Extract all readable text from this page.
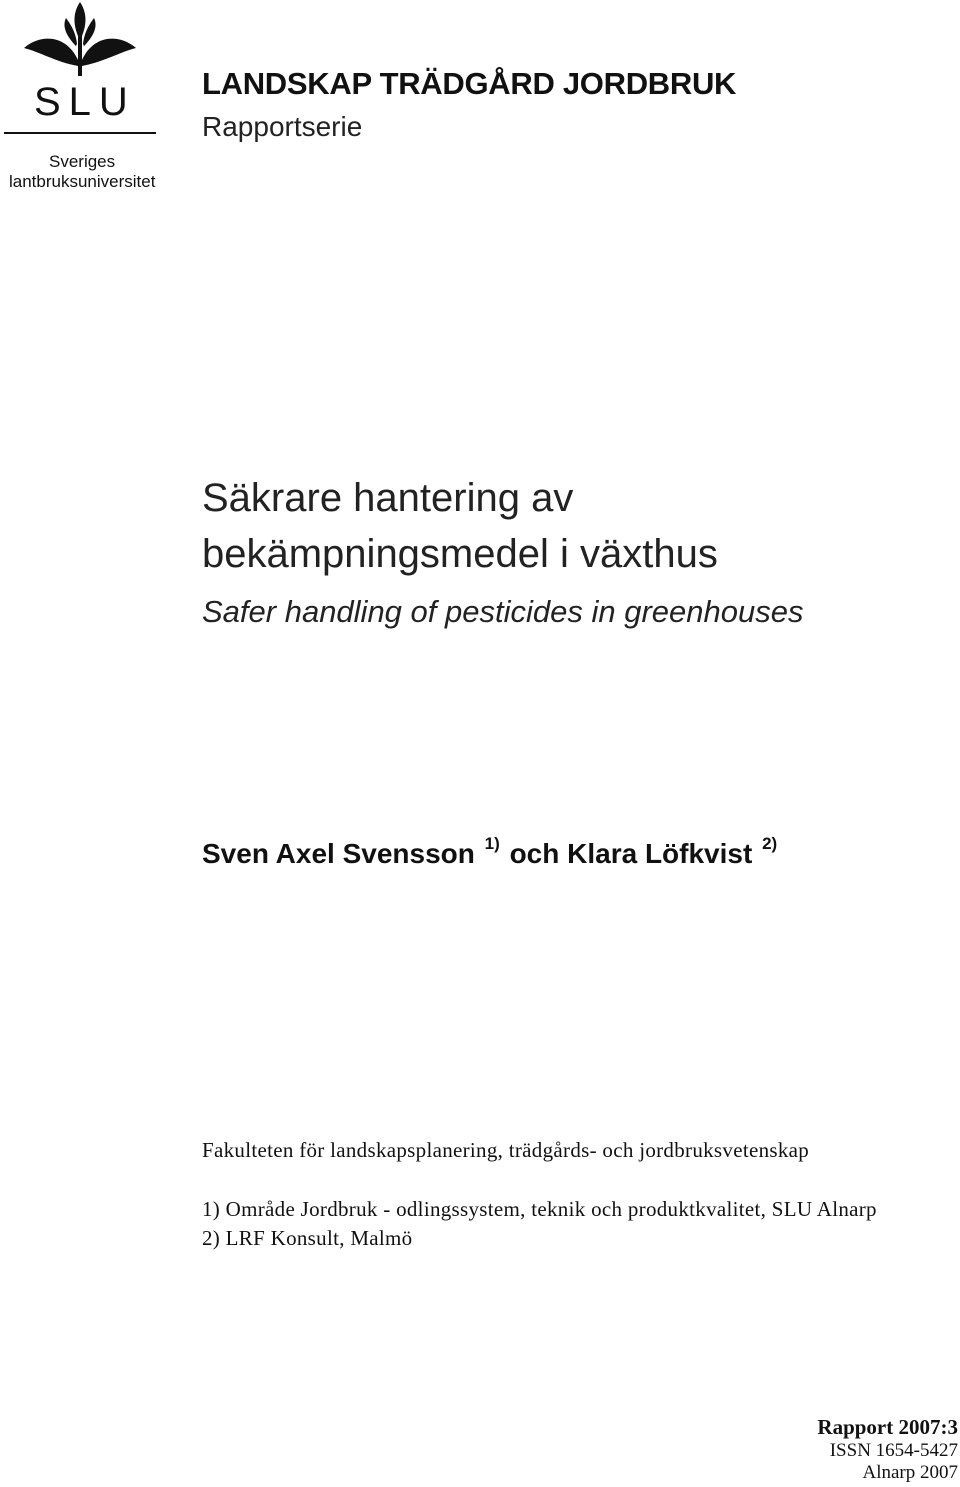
SLU
Sveriges
lantbruksuniversitet
LANDSKAP TRÄDGÅRD JORDBRUK
Rapportserie
Säkrare hantering av
bekämpningsmedel i växthus
Safer handling of pesticides in greenhouses
Sven Axel Svensson $^{1)}$ och Klara Löfkvist $^{2)}$
Fakulteten för landskapsplanering, trädgårds- och jordbruksvetenskap
1) Område Jordbruk - odlingssystem, teknik och produktkvalitet, SLU Alnarp
2) LRF Konsult, Malmö
Rapport 2007:3
ISSN 1654-5427
Alnarp 2007
